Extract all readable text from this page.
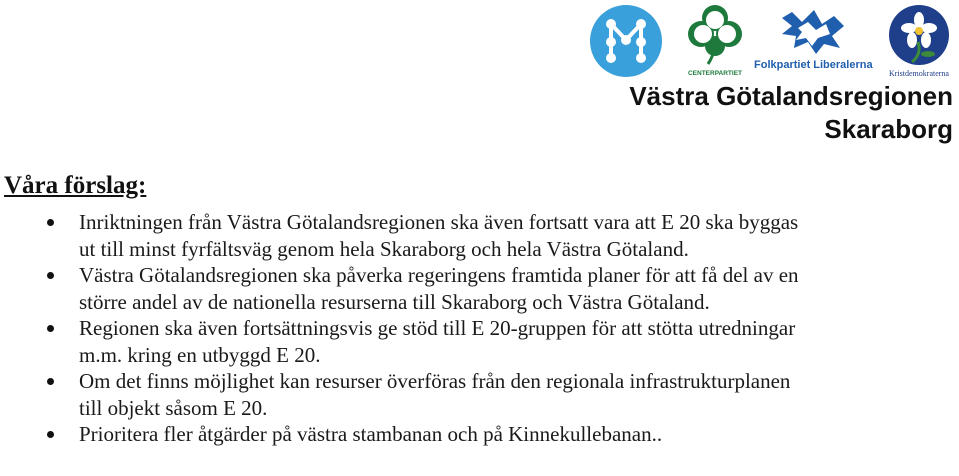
CENTERPARTIET
Folkpartiet Liberalerna
Kristdemokraterna
Västra Götalandsregionen
Skaraborg
Våra förslag:
Inriktningen från Västra Götalandsregionen ska även fortsatt vara att E 20 ska byggas
ut till minst fyrfältsväg genom hela Skaraborg och hela Västra Götaland.
Västra Götalandsregionen ska påverka regeringens framtida planer för att få del av en
större andel av de nationella resurserna till Skaraborg och Västra Götaland.
Regionen ska även fortsättningsvis ge stöd till E 20-gruppen för att stötta utredningar
m.m. kring en utbyggd E 20.
Om det finns möjlighet kan resurser överföras från den regionala infrastrukturplanen
till objekt såsom E 20.
Prioritera fler åtgärder på västra stambanan och på Kinnekullebanan..
